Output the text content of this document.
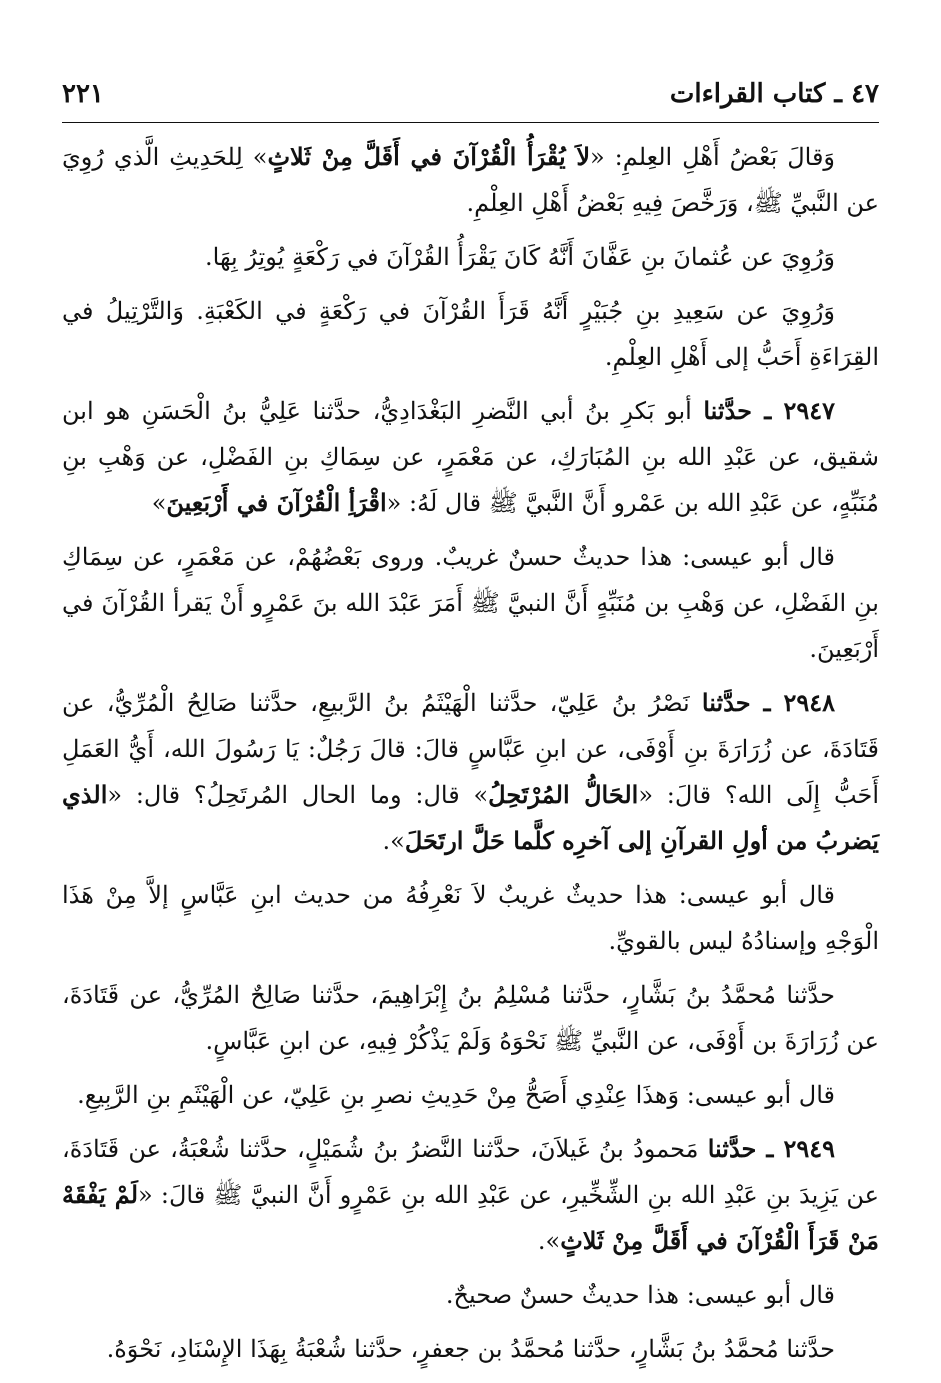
٢٢١	٤٧ ـ كتاب القراءات

وَقالَ بَعْضُ أَهْلِ العِلمِ: «لاَ يُقْرَأُ الْقُرْآنَ في أَقَلَّ مِنْ ثَلاثٍ» لِلحَدِيثِ الَّذي رُوِيَ عن النَّبيِّ ﷺ، وَرَخَّصَ فِيهِ بَعْضُ أَهْلِ العِلْمِ.

وَرُوِيَ عن عُثمانَ بنِ عَفَّانَ أَنَّهُ كَانَ يَقْرَأُ القُرْآنَ في رَكْعَةٍ يُوتِرُ بِهَا.

وَرُوِيَ عن سَعِيدِ بنِ جُبَيْرٍ أَنَّهُ قَرَأَ القُرْآنَ في رَكْعَةٍ في الكَعْبَةِ. وَالتَّرْتِيلُ في القِرَاءَةِ أَحَبُّ إلى أَهْلِ العِلْمِ.

٢٩٤٧ ـ حدَّثنا أبو بَكرِ بنُ أبي النَّضرِ البَغْدَادِيُّ، حدَّثنا عَلِيُّ بنُ الْحَسَنِ هو ابن شقيق، عن عَبْدِ الله بنِ المُبَارَكِ، عن مَعْمَرٍ، عن سِمَاكِ بنِ الفَضْلِ، عن وَهْبِ بنِ مُنَبِّهٍ، عن عَبْدِ الله بن عَمْرو أَنَّ النَّبيَّ ﷺ قال لَهُ: «اقْرَأِ الْقُرْآنَ في أَرْبَعِينَ»

قال أبو عيسى: هذا حديثٌ حسنٌ غريبٌ. وروى بَعْضُهُمْ، عن مَعْمَرٍ، عن سِمَاكِ بنِ الفَضْلِ، عن وَهْبِ بن مُنَبِّهٍ أَنَّ النبيَّ ﷺ أَمَرَ عَبْدَ الله بنَ عَمْرٍو أَنْ يَقرأ القُرْآنَ في أَرْبَعِينَ.

٢٩٤٨ ـ حدَّثنا نَصْرُ بنُ عَلِيّ، حدَّثنا الْهَيْثَمُ بنُ الرَّبيعِ، حدَّثنا صَالِحُ الْمُرِّيُّ، عن قَتَادَةَ، عن زُرَارَةَ بنِ أَوْفَى، عن ابنِ عَبَّاسٍ قالَ: قالَ رَجُلٌ: يَا رَسُولَ الله، أَيُّ العَمَلِ أَحَبُّ إِلَى الله؟ قالَ: «الحَالُّ المُرْتَحِلُ» قال: وما الحال المُرتَحِلُ؟ قال: «الذي يَضربُ من أولِ القرآنِ إلى آخرِه كلَّما حَلَّ ارتَحَلَ».

قال أبو عيسى: هذا حديثٌ غريبٌ لاَ نَعْرِفُهُ من حديث ابنِ عَبَّاسٍ إلاَّ مِنْ هَذَا الْوَجْهِ وإسنادُهُ ليس بالقويِّ.

حدَّثنا مُحمَّدُ بنُ بَشَّارٍ، حدَّثنا مُسْلِمُ بنُ إِبْرَاهِيمَ، حدَّثنا صَالِحٌ المُرِّيُّ، عن قَتَادَةَ، عن زُرَارَةَ بن أَوْفَى، عن النَّبيِّ ﷺ نَحْوَهُ وَلَمْ يَذْكُرْ فِيهِ، عن ابنِ عَبَّاسٍ.

قال أبو عيسى: وَهذَا عِنْدِي أَصَحُّ مِنْ حَدِيثِ نصرِ بنِ عَلِيّ، عن الْهَيْثَمِ بنِ الرَّبِيعِ.

٢٩٤٩ ـ حدَّثنا مَحمودُ بنُ غَيلاَنَ، حدَّثنا النَّضرُ بنُ شُمَيْلٍ، حدَّثنا شُعْبَةُ، عن قَتَادَةَ، عن يَزِيدَ بنِ عَبْدِ الله بنِ الشِّخِّيرِ، عن عَبْدِ الله بنِ عَمْرٍو أَنَّ النبيَّ ﷺ قالَ: «لَمْ يَفْقَهْ مَنْ قَرَأَ الْقُرْآنَ في أَقَلَّ مِنْ ثَلاثٍ».

قال أبو عيسى: هذا حديثٌ حسنٌ صحيحٌ.

حدَّثنا مُحمَّدُ بنُ بَشَّارٍ، حدَّثنا مُحمَّدُ بن جعفرٍ، حدَّثنا شُعْبَةُ بِهَذَا الإِسْنَادِ، نَحْوَهُ.
